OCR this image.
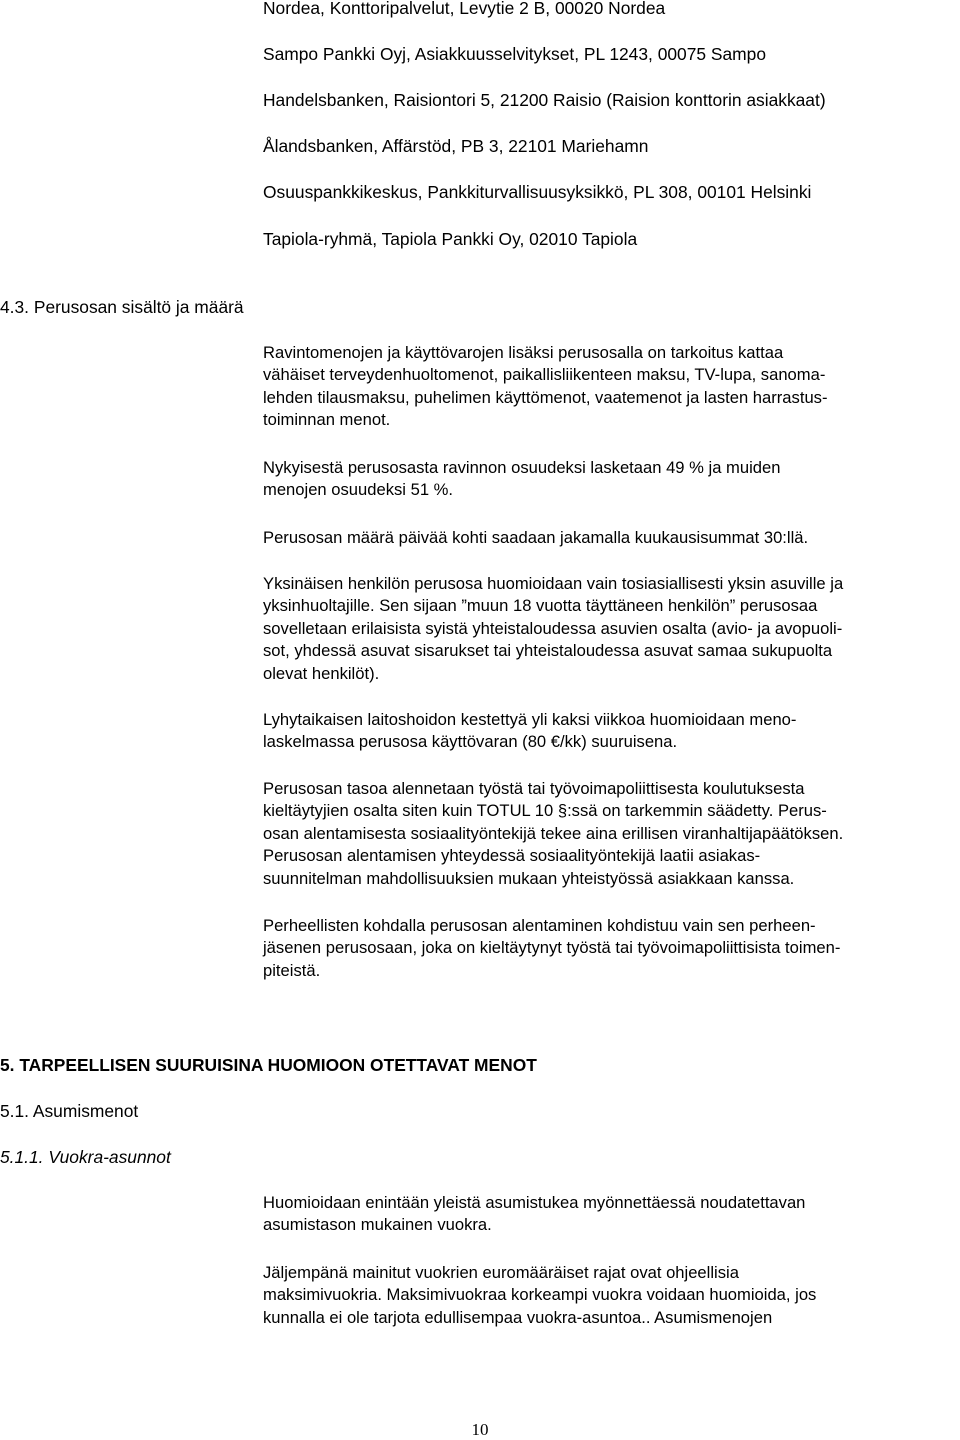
Nordea, Konttoripalvelut, Levytie 2 B, 00020 Nordea
Sampo Pankki Oyj, Asiakkuusselvitykset, PL 1243, 00075 Sampo
Handelsbanken, Raisiontori 5, 21200 Raisio (Raision konttorin asiakkaat)
Ålandsbanken, Affärstöd, PB 3, 22101 Mariehamn
Osuuspankkikeskus, Pankkiturvallisuusyksikkö, PL 308, 00101 Helsinki
Tapiola-ryhmä, Tapiola Pankki Oy, 02010 Tapiola
4.3. Perusosan sisältö ja määrä
Ravintomenojen ja käyttövarojen lisäksi perusosalla on tarkoitus kattaa
vähäiset terveydenhuoltomenot, paikallisliikenteen maksu, TV-lupa, sanoma-
lehden tilausmaksu, puhelimen käyttömenot, vaatemenot ja lasten harrastus-
toiminnan menot.
Nykyisestä perusosasta ravinnon osuudeksi lasketaan 49 % ja muiden
menojen osuudeksi 51 %.
Perusosan määrä päivää kohti saadaan jakamalla kuukausisummat 30:llä.
Yksinäisen henkilön perusosa huomioidaan vain tosiasiallisesti yksin asuville ja
yksinhuoltajille. Sen sijaan ”muun 18 vuotta täyttäneen henkilön” perusosaa
sovelletaan erilaisista syistä yhteistaloudessa asuvien osalta (avio- ja avopuoli-
sot, yhdessä asuvat sisarukset tai yhteistaloudessa asuvat samaa sukupuolta
olevat henkilöt).
Lyhytaikaisen laitoshoidon kestettyä yli kaksi viikkoa huomioidaan meno-
laskelmassa perusosa käyttövaran (80 €/kk) suuruisena.
Perusosan tasoa alennetaan työstä tai työvoimapoliittisesta koulutuksesta
kieltäytyjien osalta siten kuin TOTUL 10 §:ssä on tarkemmin säädetty. Perus-
osan alentamisesta sosiaalityöntekijä tekee aina erillisen viranhaltijapäätöksen.
Perusosan alentamisen yhteydessä sosiaalityöntekijä laatii asiakas-
suunnitelman mahdollisuuksien mukaan yhteistyössä asiakkaan kanssa.
Perheellisten kohdalla perusosan alentaminen kohdistuu vain sen perheen-
jäsenen perusosaan, joka on kieltäytynyt työstä tai työvoimapoliittisista toimen-
piteistä.
5. TARPEELLISEN SUURUISINA HUOMIOON OTETTAVAT MENOT
5.1. Asumismenot
5.1.1. Vuokra-asunnot
Huomioidaan enintään yleistä asumistukea myönnettäessä noudatettavan
asumistason mukainen vuokra.
Jäljempänä mainitut vuokrien euromääräiset rajat ovat ohjeellisia
maksimivuokria. Maksimivuokraa korkeampi vuokra voidaan huomioida, jos
kunnalla ei ole tarjota edullisempaa vuokra-asuntoa.. Asumismenojen
10
